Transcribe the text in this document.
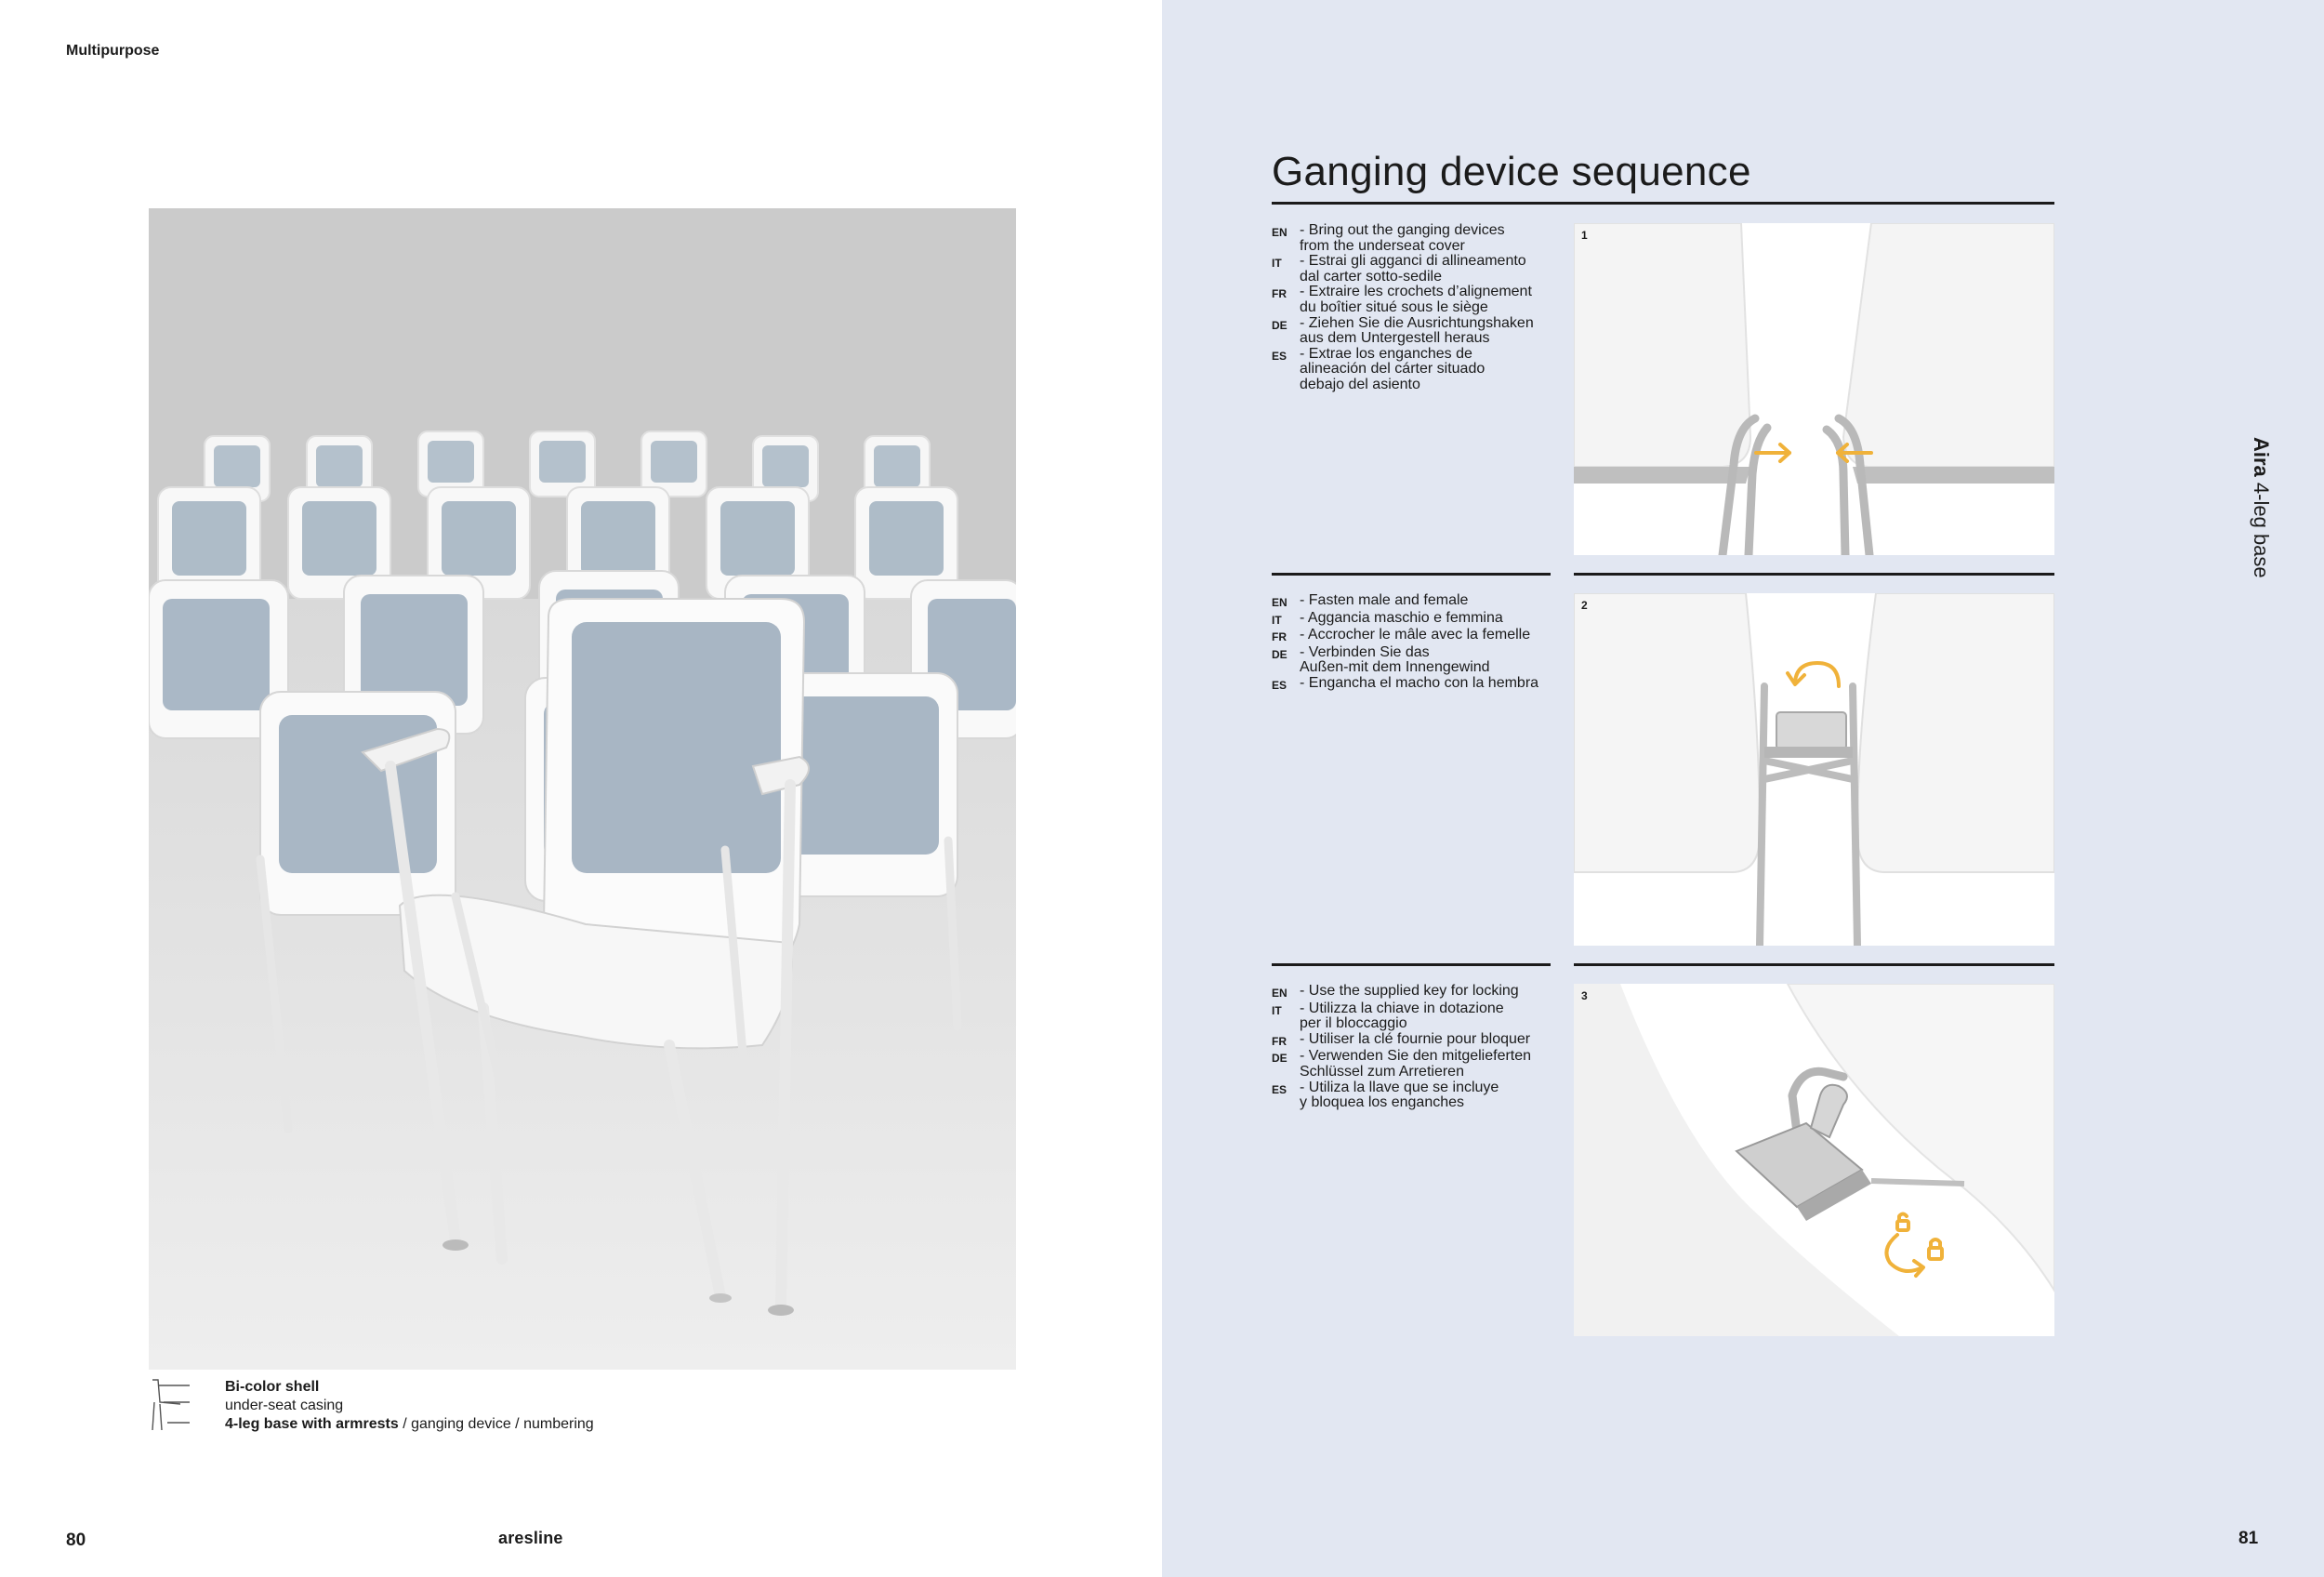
Multipurpose
Bi-color shell
under-seat casing
4-leg base with armrests / ganging device / numbering
80	aresline
Ganging device sequence
EN - Bring out the ganging devices
from the underseat cover
IT	- Estrai gli agganci di allineamento
dal carter sotto-sedile
FR - Extraire les crochets d’alignement
du boîtier situé sous le siège
DE - Ziehen Sie die Ausrichtungshaken
aus dem Untergestell heraus
ES - Extrae los enganches de
alineación del cárter situado
debajo del asiento
1
EN - Fasten male and female
IT	- Aggancia maschio e femmina
FR - Accrocher le mâle avec la femelle
DE - Verbinden Sie das
Außen-mit dem Innengewind
ES - Engancha el macho con la hembra
2
EN - Use the supplied key for locking
IT	- Utilizza la chiave in dotazione
per il bloccaggio
FR - Utiliser la clé fournie pour bloquer
DE - Verwenden Sie den mitgelieferten
Schlüssel zum Arretieren
ES - Utiliza la llave que se incluye
y bloquea los enganches
3
Aira 4-leg base
81
